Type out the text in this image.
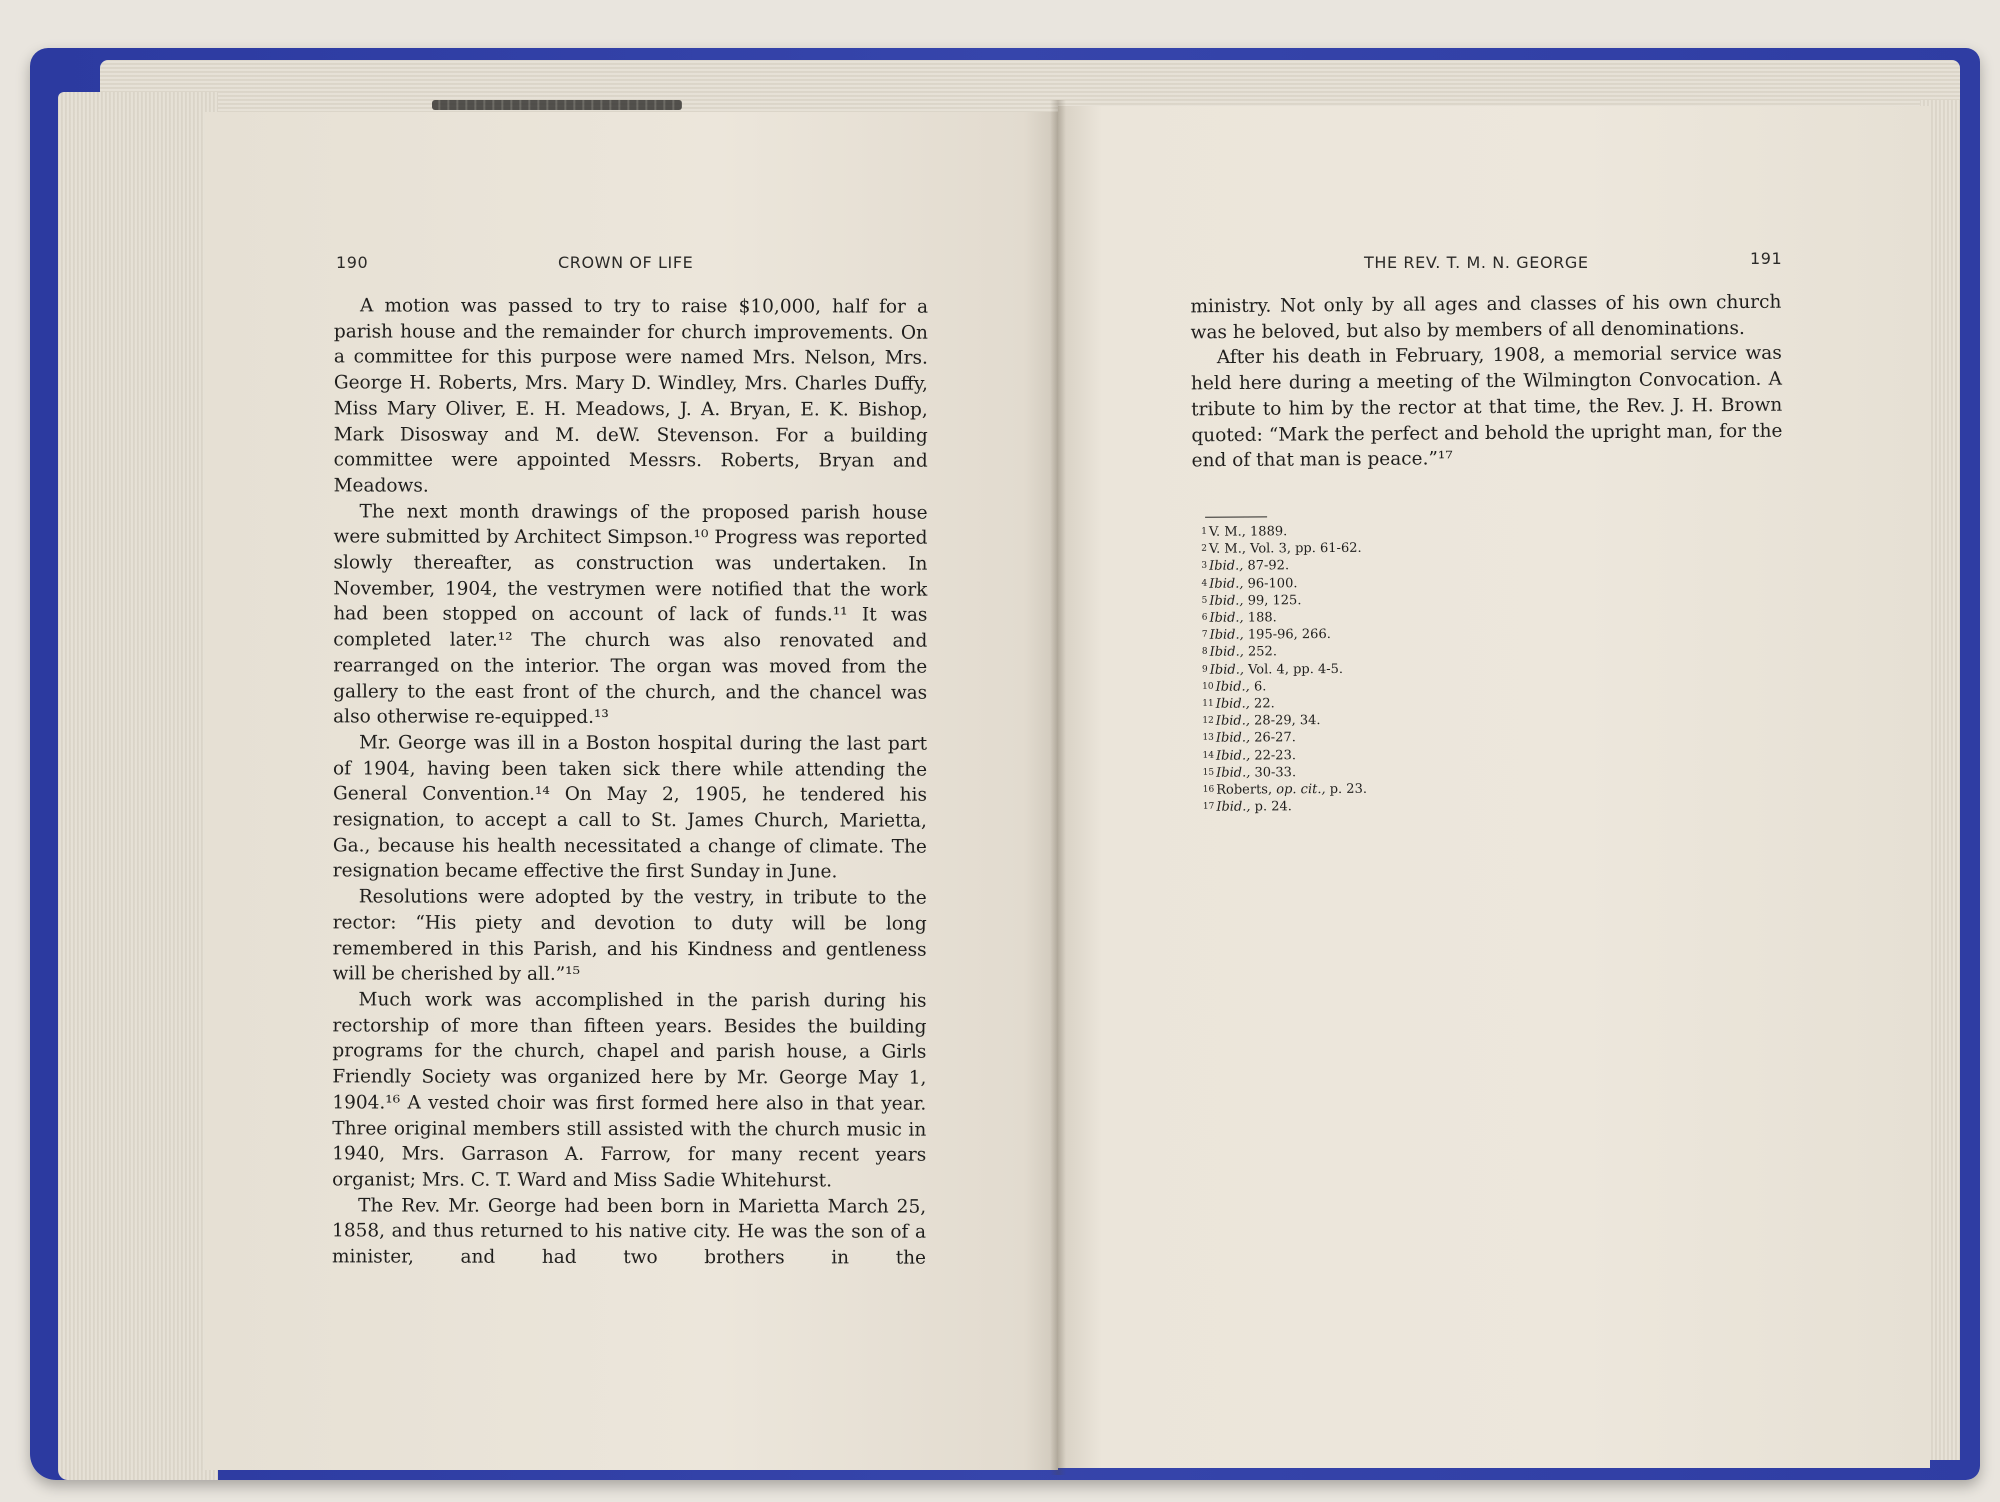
190	CROWN OF LIFE

A motion was passed to try to raise $10,000, half for a parish house and the remainder for church improvements. On a committee for this purpose were named Mrs. Nelson, Mrs. George H. Roberts, Mrs. Mary D. Windley, Mrs. Charles Duffy, Miss Mary Oliver, E. H. Meadows, J. A. Bryan, E. K. Bishop, Mark Disosway and M. deW. Stevenson. For a building committee were appointed Messrs. Roberts, Bryan and Meadows.

The next month drawings of the proposed parish house were submitted by Architect Simpson.¹⁰ Progress was reported slowly thereafter, as construction was undertaken. In November, 1904, the vestrymen were notified that the work had been stopped on account of lack of funds.¹¹ It was completed later.¹² The church was also renovated and rearranged on the interior. The organ was moved from the gallery to the east front of the church, and the chancel was also otherwise re-equipped.¹³

Mr. George was ill in a Boston hospital during the last part of 1904, having been taken sick there while attending the General Convention.¹⁴ On May 2, 1905, he tendered his resignation, to accept a call to St. James Church, Marietta, Ga., because his health necessitated a change of climate. The resignation became effective the first Sunday in June.

Resolutions were adopted by the vestry, in tribute to the rector: “His piety and devotion to duty will be long remembered in this Parish, and his Kindness and gentleness will be cherished by all.”¹⁵

Much work was accomplished in the parish during his rectorship of more than fifteen years. Besides the building programs for the church, chapel and parish house, a Girls Friendly Society was organized here by Mr. George May 1, 1904.¹⁶ A vested choir was first formed here also in that year. Three original members still assisted with the church music in 1940, Mrs. Garrason A. Farrow, for many recent years organist; Mrs. C. T. Ward and Miss Sadie Whitehurst.

The Rev. Mr. George had been born in Marietta March 25, 1858, and thus returned to his native city. He was the son of a minister, and had two brothers in the

THE REV. T. M. N. GEORGE	191

ministry. Not only by all ages and classes of his own church was he beloved, but also by members of all denominations.

After his death in February, 1908, a memorial service was held here during a meeting of the Wilmington Convocation. A tribute to him by the rector at that time, the Rev. J. H. Brown quoted: “Mark the perfect and behold the upright man, for the end of that man is peace.”¹⁷

$^1$ V. M., 1889.
$^2$ V. M., Vol. 3, pp. 61-62.
$^3$ Ibid., 87-92.
$^4$ Ibid., 96-100.
$^5$ Ibid., 99, 125.
$^6$ Ibid., 188.
$^7$ Ibid., 195-96, 266.
$^8$ Ibid., 252.
$^9$ Ibid., Vol. 4, pp. 4-5.
$^{10}$ Ibid., 6.
$^{11}$ Ibid., 22.
$^{12}$ Ibid., 28-29, 34.
$^{13}$ Ibid., 26-27.
$^{14}$ Ibid., 22-23.
$^{15}$ Ibid., 30-33.
$^{16}$ Roberts, op. cit., p. 23.
$^{17}$ Ibid., p. 24.
